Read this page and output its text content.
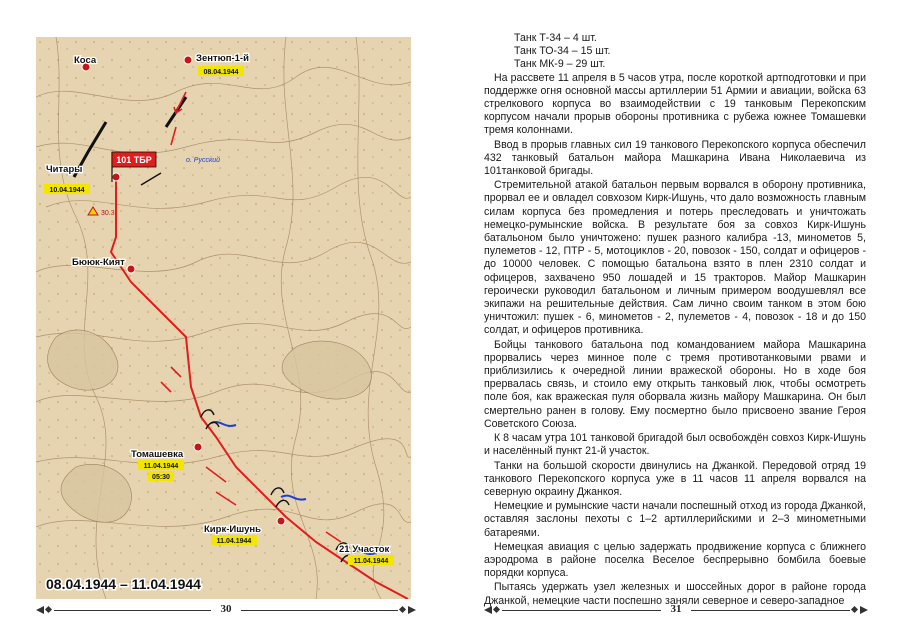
101 ТБР
30.3
о. Русский
Коса	Зентюп-1-й
Читары
Бююк-Кият
Томашевка
Кирк-Ишунь
21 Участок
08.04.1944
10.04.1944
11.04.1944
05:30
11.04.1944
11.04.1944
08.04.1944 – 11.04.1944
30	31

Танк Т-34 – 4 шт.

Танк ТО-34 – 15 шт.

Танк МК-9 – 29 шт.

На рассвете 11 апреля в 5 часов утра, после короткой артподготовки и при поддержке огня основной массы артиллерии 51 Армии и авиации, войска 63 стрелкового корпуса во взаимодействии с 19 танковым Перекопским корпусом начали прорыв обороны противника с рубежа южнее Томашевки тремя колоннами.

Ввод в прорыв главных сил 19 танкового Перекопского корпуса обеспечил 432 танковый батальон майора Машкарина Ивана Николаевича из 101танковой бригады.

Стремительной атакой батальон первым ворвался в оборону противника, прорвал ее и овладел совхозом Кирк-Ишунь, что дало возможность главным силам корпуса без промедления и потерь преследовать и уничтожать немецко-румынские войска. В результате боя за совхоз Кирк-Ишунь батальоном было уничтожено: пушек разного калибра -13, минометов 5, пулеметов - 12, ПТР - 5, мотоциклов - 20, повозок - 150, солдат и офицеров - до 10000 человек. С помощью батальона взято в плен 2310 солдат и офицеров, захвачено 950 лошадей и 15 тракторов. Майор Машкарин героически руководил батальоном и личным примером воодушевлял все экипажи на решительные действия. Сам лично своим танком в этом бою уничтожил: пушек - 6, минометов - 2, пулеметов - 4, повозок - 18 и до 150 солдат, и офицеров противника.

Бойцы танкового батальона под командованием майора Машкарина прорвались через минное поле с тремя противотанковыми рвами и приблизились к очередной линии вражеской обороны. Но в ходе боя прервалась связь, и стоило ему открыть танковый люк, чтобы осмотреть поле боя, как вражеская пуля оборвала жизнь майору Машкарина. Он был смертельно ранен в голову. Ему посмертно было присвоено звание Героя Советского Союза.

К 8 часам утра 101 танковой бригадой был освобождён совхоз Кирк-Ишунь и населённый пункт 21-й участок.

Танки на большой скорости двинулись на Джанкой. Передовой отряд 19 танкового Перекопского корпуса уже в 11 часов 11 апреля ворвался на северную окраину Джанкоя.

Немецкие и румынские части начали поспешный отход из города Джанкой, оставляя заслоны пехоты с 1–2 артиллерийскими и 2–3 минометными батареями.

Немецкая авиация с целью задержать продвижение корпуса с ближнего аэродрома в районе поселка Веселое беспрерывно бомбила боевые порядки корпуса.

Пытаясь удержать узел железных и шоссейных дорог в районе города Джанкой, немецкие части поспешно заняли северное и северо-западное
